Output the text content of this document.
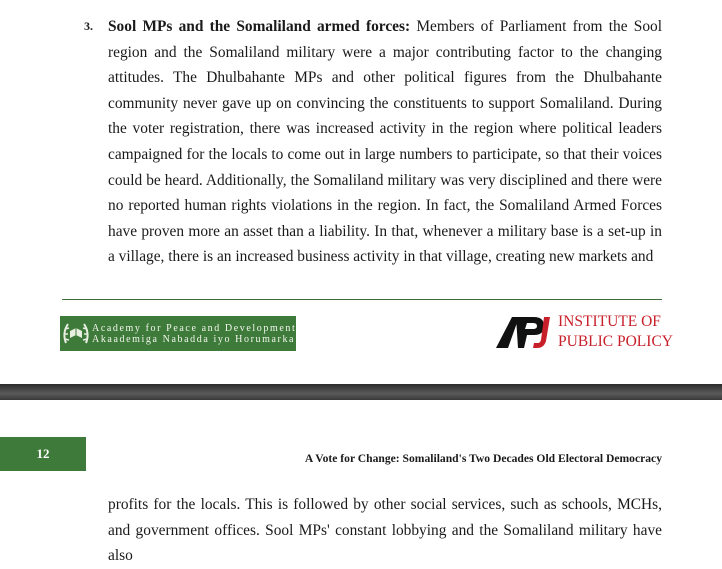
3. Sool MPs and the Somaliland armed forces: Members of Parliament from the Sool region and the Somaliland military were a major contributing factor to the changing attitudes. The Dhulbahante MPs and other political figures from the Dhulbahante community never gave up on convincing the constituents to support Somaliland. During the voter registration, there was increased activity in the region where political leaders campaigned for the locals to come out in large numbers to participate, so that their voices could be heard. Additionally, the Somaliland military was very disciplined and there were no reported human rights violations in the region. In fact, the Somaliland Armed Forces have proven more an asset than a liability. In that, whenever a military base is a set-up in a village, there is an increased business activity in that village, creating new markets and
Academy for Peace and Development
Akaademiga Nabadda iyo Horumarka
INSTITUTE OF
PUBLIC POLICY
12	A Vote for Change: Somaliland's Two Decades Old Electoral Democracy
profits for the locals. This is followed by other social services, such as schools, MCHs, and government offices. Sool MPs' constant lobbying and the Somaliland military have also
